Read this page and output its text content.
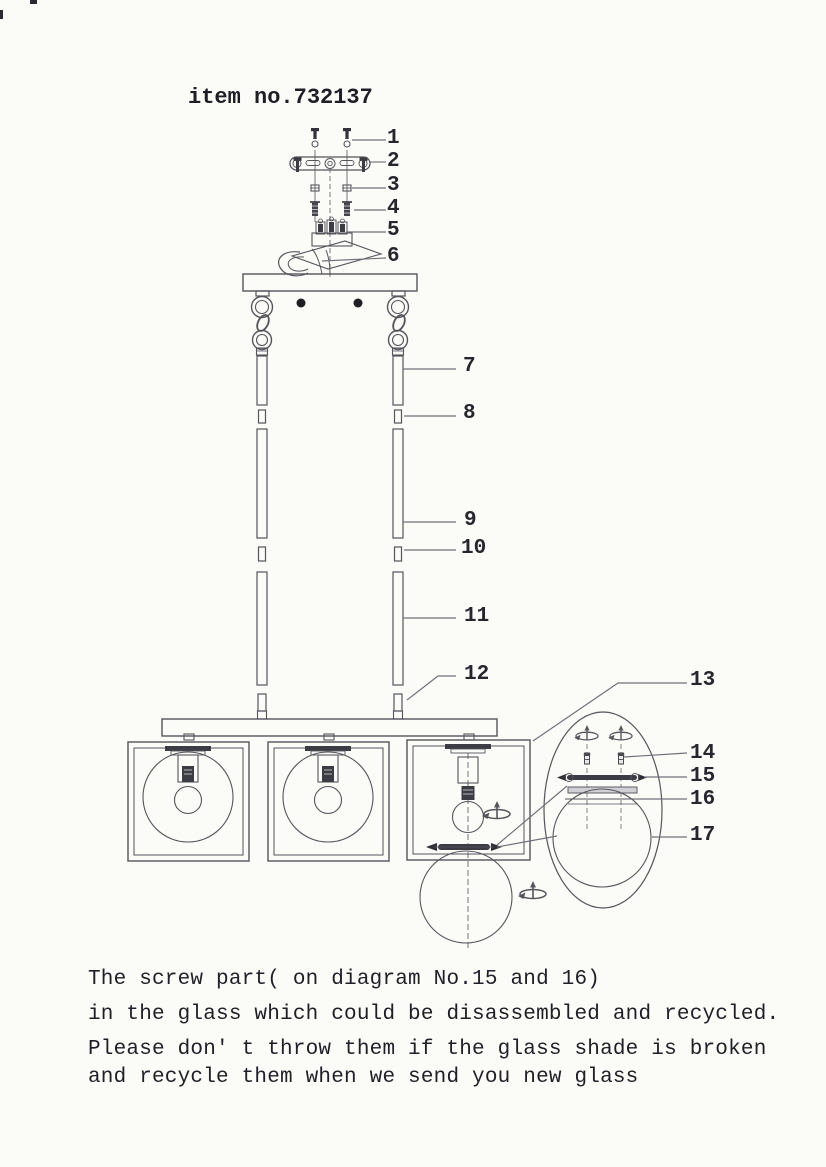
item no.732137
1
2
3
4
5
6
7
8
9
10
11
12	13
14
15
16
17
The screw part( on diagram No.15 and 16)
in the glass which could be disassembled and recycled.
Please don' t throw them if the glass shade is broken
and recycle them when we send you new glass
